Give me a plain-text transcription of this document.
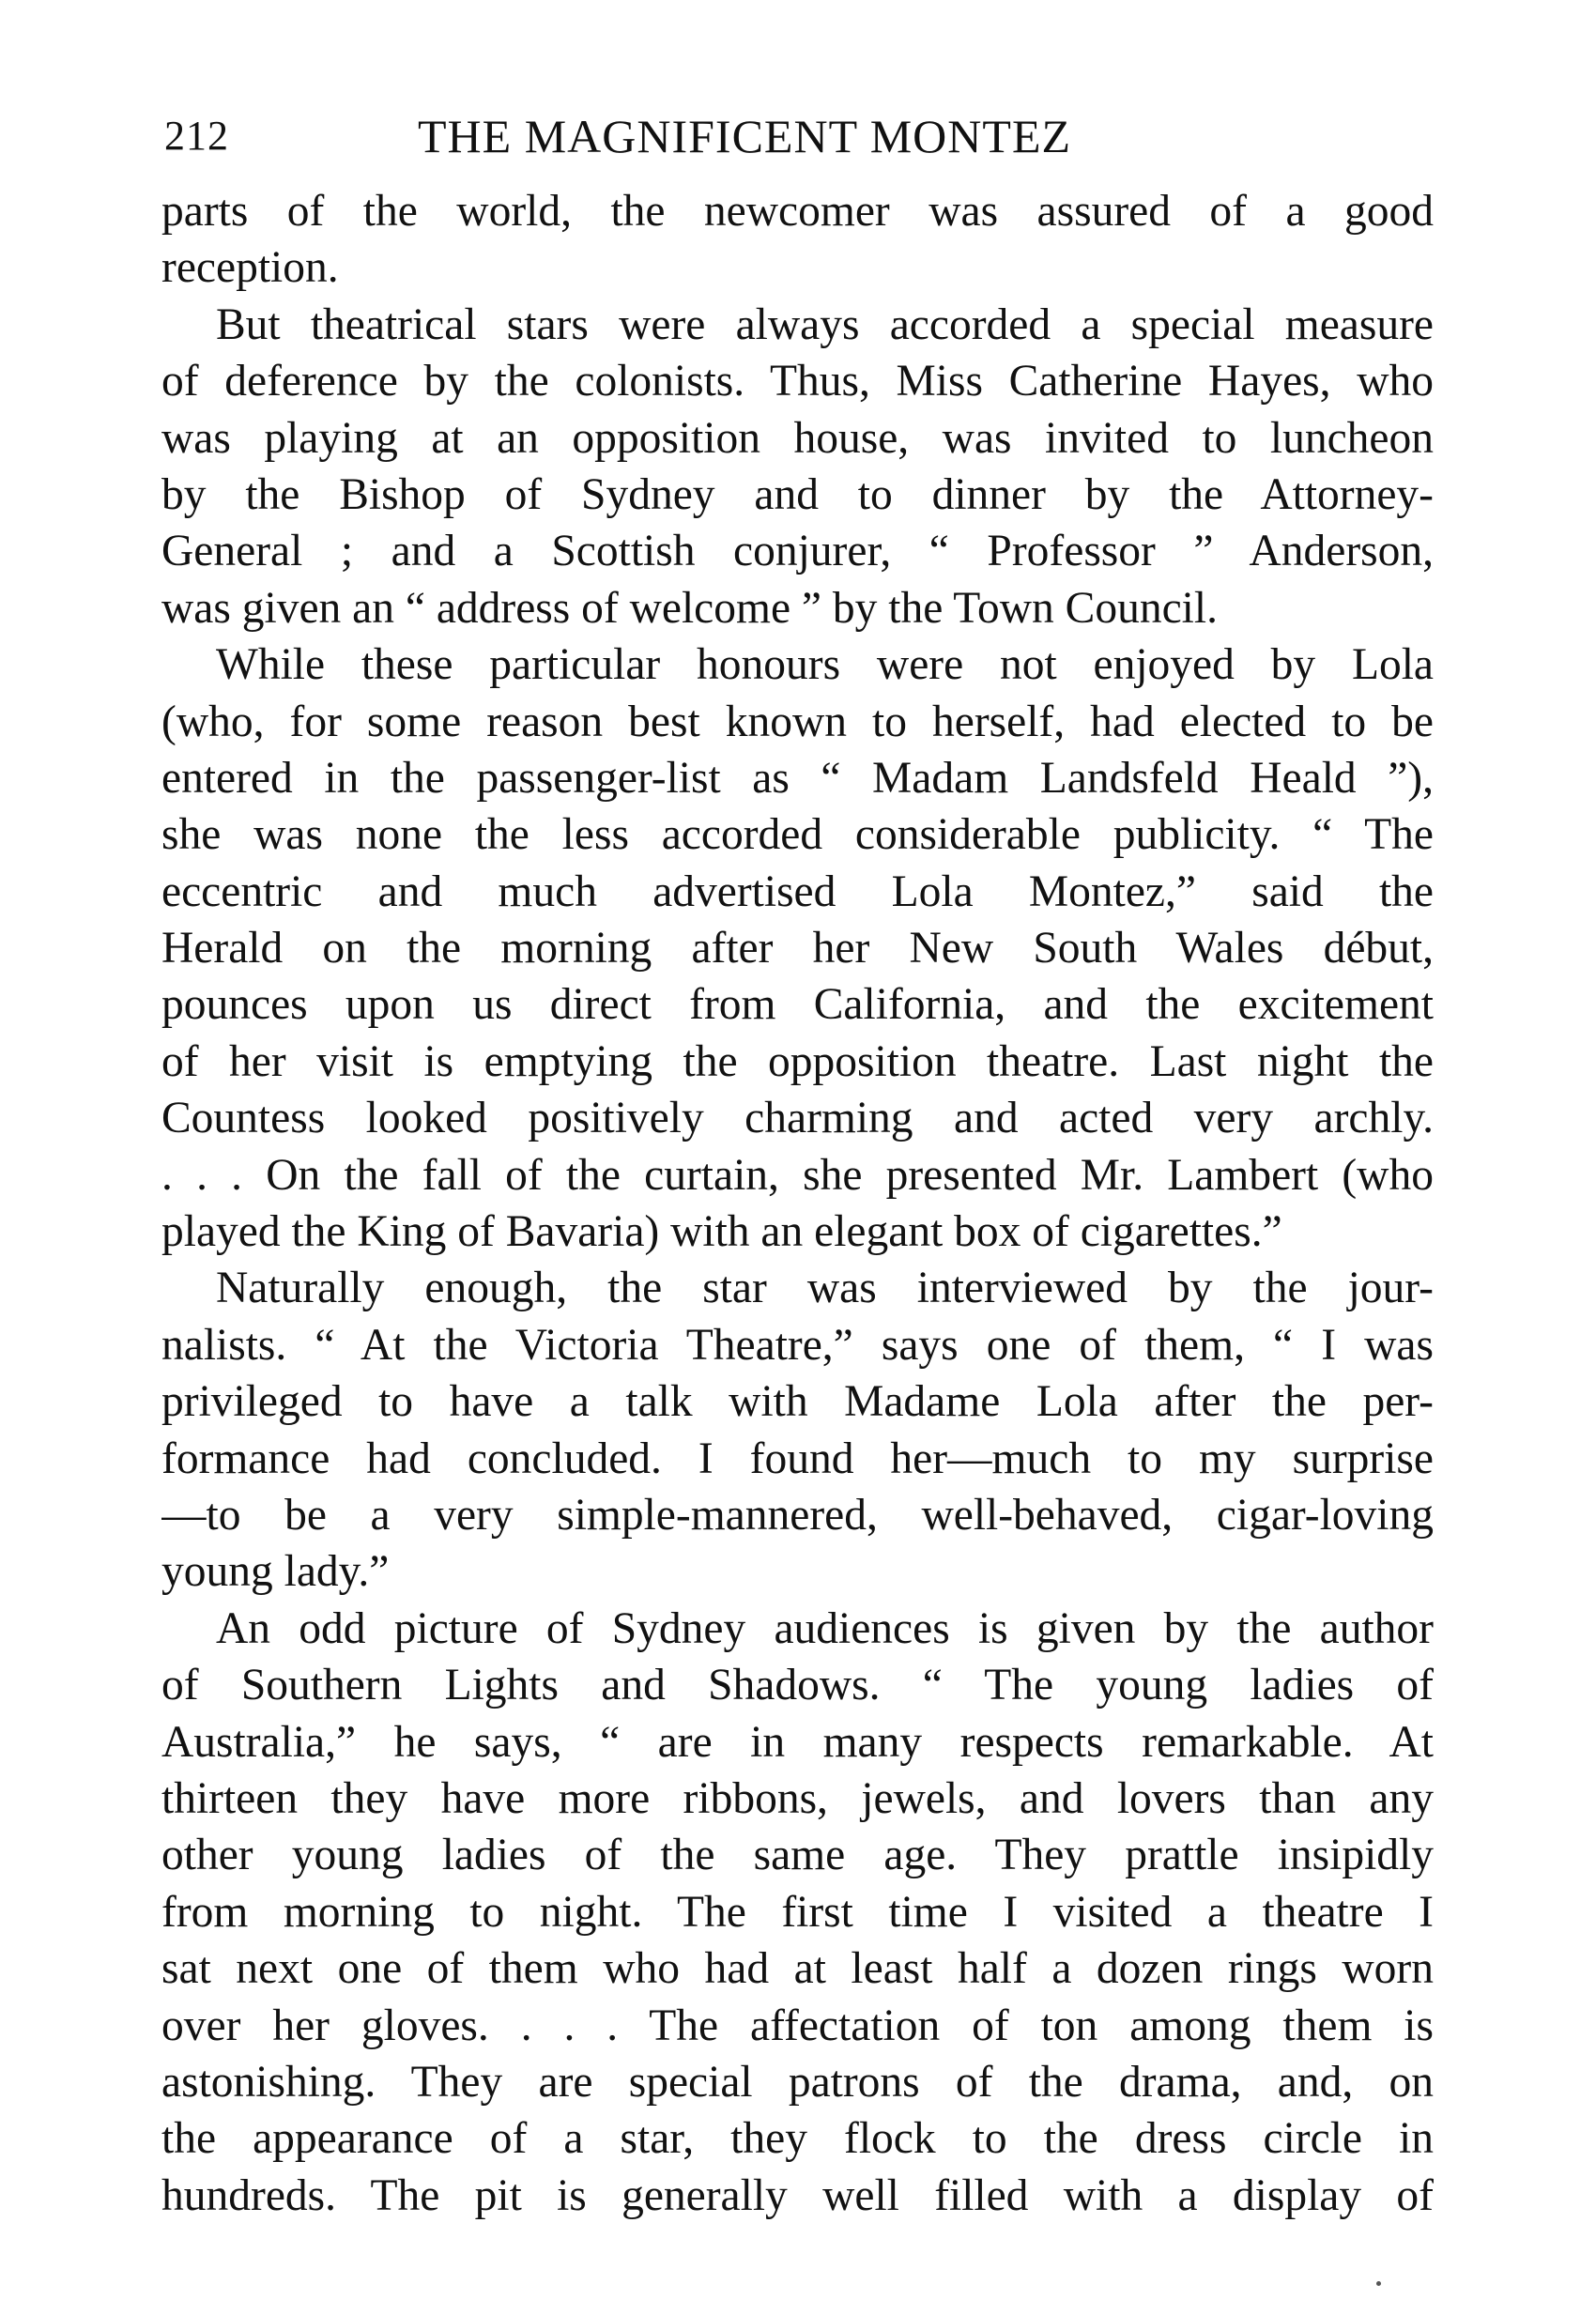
212	THE MAGNIFICENT MONTEZ
parts of the world, the newcomer was assured of a good
reception.
But theatrical stars were always accorded a special measure
of deference by the colonists. Thus, Miss Catherine Hayes, who
was playing at an opposition house, was invited to luncheon
by the Bishop of Sydney and to dinner by the Attorney-
General ; and a Scottish conjurer, “ Professor ” Anderson,
was given an “ address of welcome ” by the Town Council.
While these particular honours were not enjoyed by Lola
(who, for some reason best known to herself, had elected to be
entered in the passenger-list as “ Madam Landsfeld Heald ”),
she was none the less accorded considerable publicity. “ The
eccentric and much advertised Lola Montez,” said the
Herald on the morning after her New South Wales début,
pounces upon us direct from California, and the excitement
of her visit is emptying the opposition theatre. Last night the
Countess looked positively charming and acted very archly.
. . . On the fall of the curtain, she presented Mr. Lambert (who
played the King of Bavaria) with an elegant box of cigarettes.”
Naturally enough, the star was interviewed by the jour-
nalists. “ At the Victoria Theatre,” says one of them, “ I was
privileged to have a talk with Madame Lola after the per-
formance had concluded. I found her—much to my surprise
—to be a very simple-mannered, well-behaved, cigar-loving
young lady.”
An odd picture of Sydney audiences is given by the author
of Southern Lights and Shadows. “ The young ladies of
Australia,” he says, “ are in many respects remarkable. At
thirteen they have more ribbons, jewels, and lovers than any
other young ladies of the same age. They prattle insipidly
from morning to night. The first time I visited a theatre I
sat next one of them who had at least half a dozen rings worn
over her gloves. . . . The affectation of ton among them is
astonishing. They are special patrons of the drama, and, on
the appearance of a star, they flock to the dress circle in
hundreds. The pit is generally well filled with a display of
